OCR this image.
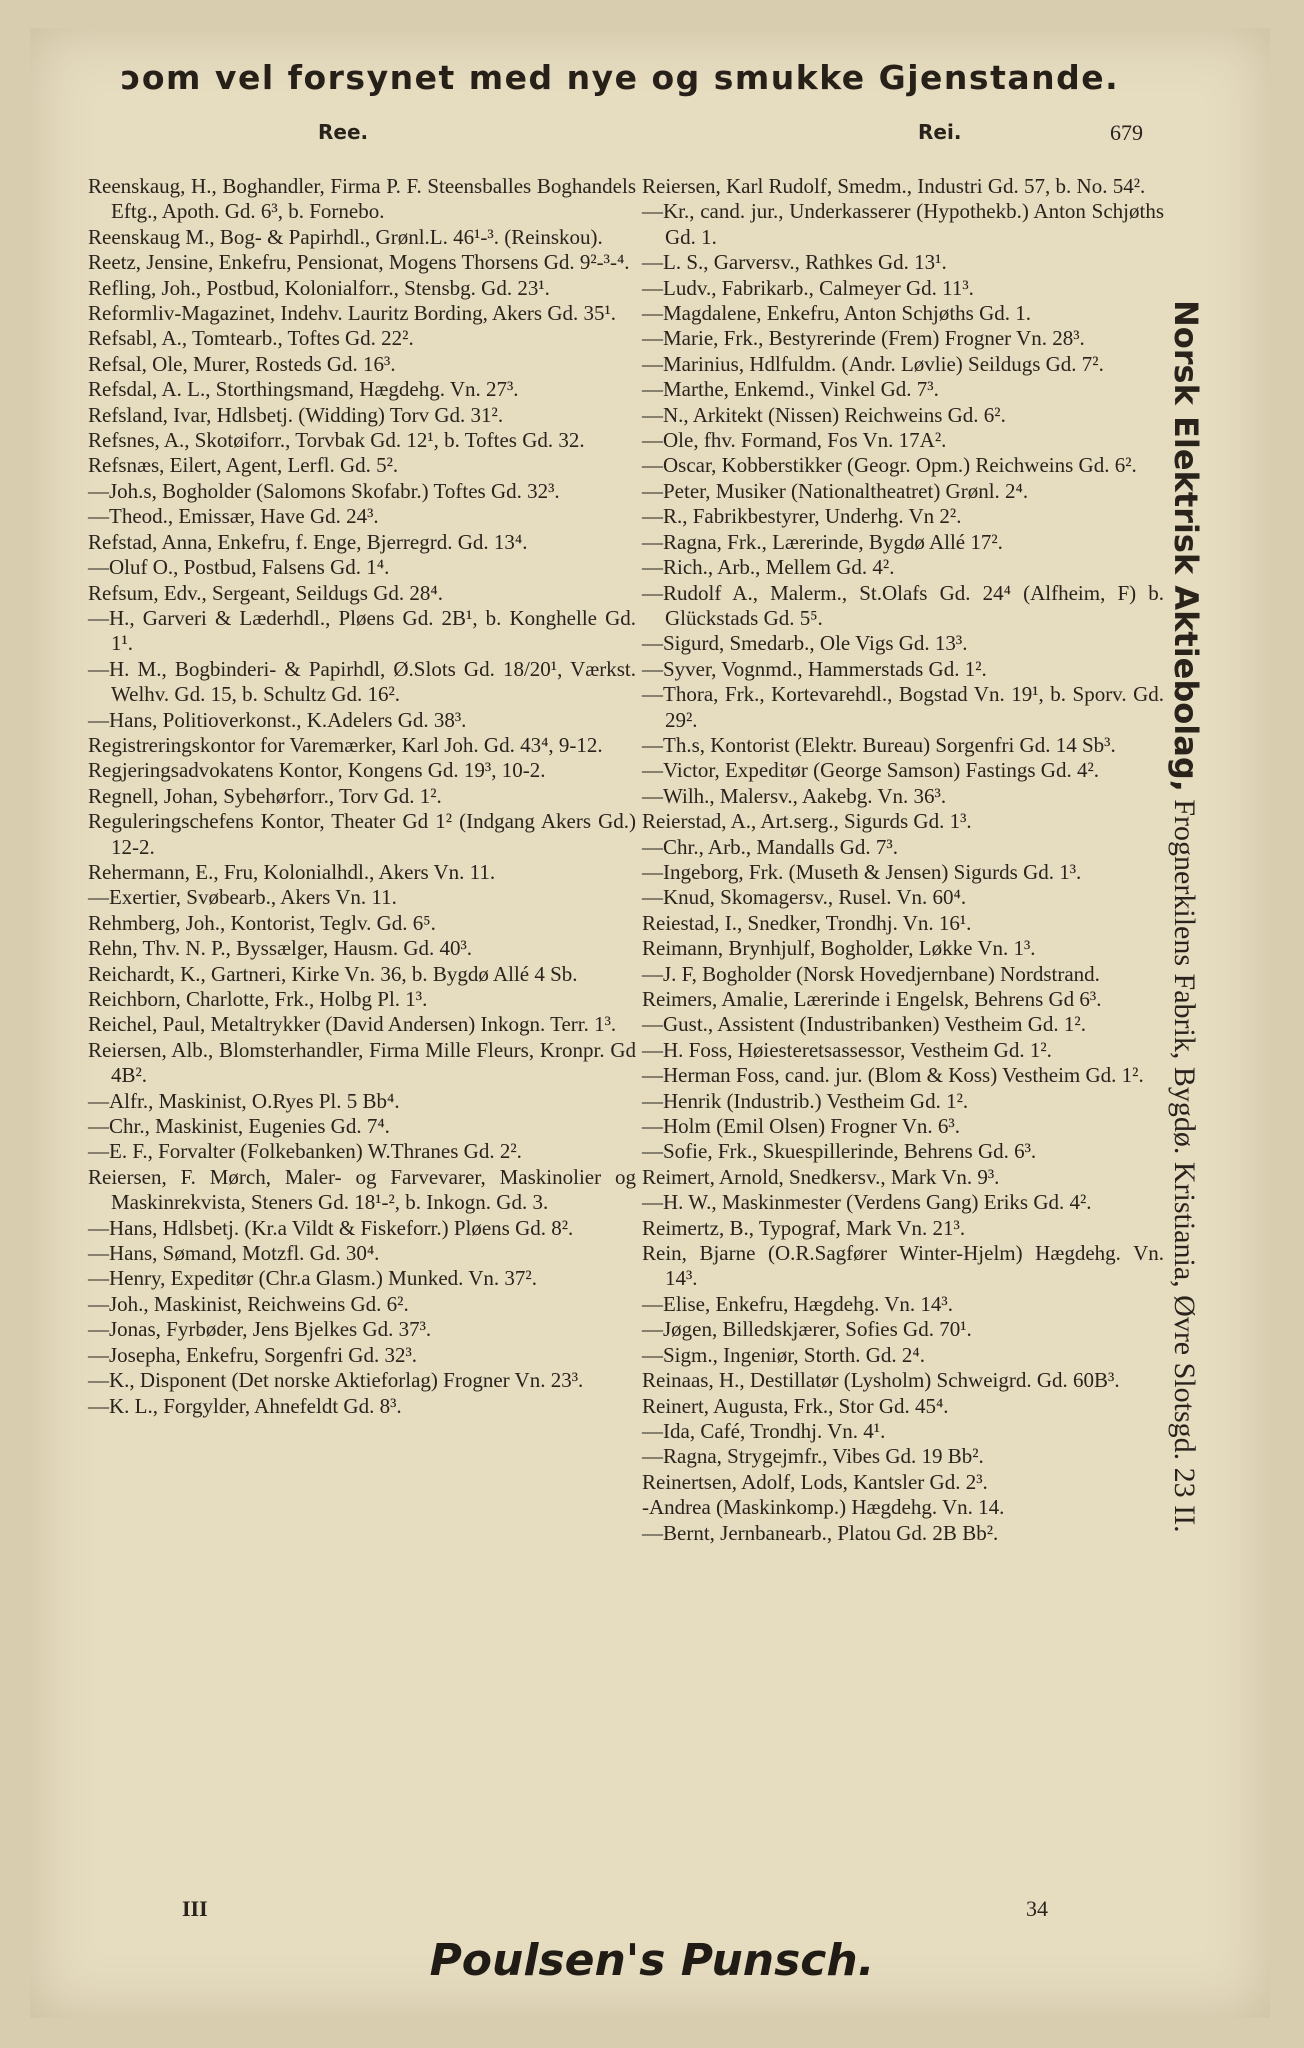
ɔom vel forsynet med nye og smukke Gjenstande.
Ree.	Rei.	679

Reenskaug, H., Boghandler, Firma P. F. Steensballes Boghandels Eftg., Apoth. Gd. 6³, b. Fornebo.

Reenskaug M., Bog- & Papirhdl., Grønl.L. 46¹-³. (Reinskou).

Reetz, Jensine, Enkefru, Pensionat, Mogens Thorsens Gd. 9²-³-⁴.

Refling, Joh., Postbud, Kolonialforr., Stensbg. Gd. 23¹.

Reformliv-Magazinet, Indehv. Lauritz Bording, Akers Gd. 35¹.

Refsabl, A., Tomtearb., Toftes Gd. 22².

Refsal, Ole, Murer, Rosteds Gd. 16³.

Refsdal, A. L., Storthingsmand, Hægdehg. Vn. 27³.

Refsland, Ivar, Hdlsbetj. (Widding) Torv Gd. 31².

Refsnes, A., Skotøiforr., Torvbak Gd. 12¹, b. Toftes Gd. 32.

Refsnæs, Eilert, Agent, Lerfl. Gd. 5².

—Joh.s, Bogholder (Salomons Skofabr.) Toftes Gd. 32³.

—Theod., Emissær, Have Gd. 24³.

Refstad, Anna, Enkefru, f. Enge, Bjerregrd. Gd. 13⁴.

—Oluf O., Postbud, Falsens Gd. 1⁴.

Refsum, Edv., Sergeant, Seildugs Gd. 28⁴.

—H., Garveri & Læderhdl., Pløens Gd. 2B¹, b. Konghelle Gd. 1¹.

—H. M., Bogbinderi- & Papirhdl, Ø.Slots Gd. 18/20¹, Værkst. Welhv. Gd. 15, b. Schultz Gd. 16².

—Hans, Politioverkonst., K.Adelers Gd. 38³.

Registreringskontor for Varemærker, Karl Joh. Gd. 43⁴, 9-12.

Regjeringsadvokatens Kontor, Kongens Gd. 19³, 10-2.

Regnell, Johan, Sybehørforr., Torv Gd. 1².

Reguleringschefens Kontor, Theater Gd 1² (Indgang Akers Gd.) 12-2.

Rehermann, E., Fru, Kolonialhdl., Akers Vn. 11.

—Exertier, Svøbearb., Akers Vn. 11.

Rehmberg, Joh., Kontorist, Teglv. Gd. 6⁵.

Rehn, Thv. N. P., Byssælger, Hausm. Gd. 40³.

Reichardt, K., Gartneri, Kirke Vn. 36, b. Bygdø Allé 4 Sb.

Reichborn, Charlotte, Frk., Holbg Pl. 1³.

Reichel, Paul, Metaltrykker (David Andersen) Inkogn. Terr. 1³.

Reiersen, Alb., Blomsterhandler, Firma Mille Fleurs, Kronpr. Gd 4B².

—Alfr., Maskinist, O.Ryes Pl. 5 Bb⁴.

—Chr., Maskinist, Eugenies Gd. 7⁴.

—E. F., Forvalter (Folkebanken) W.Thranes Gd. 2².

Reiersen, F. Mørch, Maler- og Farvevarer, Maskinolier og Maskinrekvista, Steners Gd. 18¹-², b. Inkogn. Gd. 3.

—Hans, Hdlsbetj. (Kr.a Vildt & Fiskeforr.) Pløens Gd. 8².

—Hans, Sømand, Motzfl. Gd. 30⁴.

—Henry, Expeditør (Chr.a Glasm.) Munked. Vn. 37².

—Joh., Maskinist, Reichweins Gd. 6².

—Jonas, Fyrbøder, Jens Bjelkes Gd. 37³.

—Josepha, Enkefru, Sorgenfri Gd. 32³.

—K., Disponent (Det norske Aktieforlag) Frogner Vn. 23³.

—K. L., Forgylder, Ahnefeldt Gd. 8³.

Reiersen, Karl Rudolf, Smedm., Industri Gd. 57, b. No. 54².

—Kr., cand. jur., Underkasserer (Hypothekb.) Anton Schjøths Gd. 1.

—L. S., Garversv., Rathkes Gd. 13¹.

—Ludv., Fabrikarb., Calmeyer Gd. 11³.

—Magdalene, Enkefru, Anton Schjøths Gd. 1.

—Marie, Frk., Bestyrerinde (Frem) Frogner Vn. 28³.

—Marinius, Hdlfuldm. (Andr. Løvlie) Seildugs Gd. 7².

—Marthe, Enkemd., Vinkel Gd. 7³.

—N., Arkitekt (Nissen) Reichweins Gd. 6².

—Ole, fhv. Formand, Fos Vn. 17A².

—Oscar, Kobberstikker (Geogr. Opm.) Reichweins Gd. 6².

—Peter, Musiker (Nationaltheatret) Grønl. 2⁴.

—R., Fabrikbestyrer, Underhg. Vn 2².

—Ragna, Frk., Lærerinde, Bygdø Allé 17².

—Rich., Arb., Mellem Gd. 4².

—Rudolf A., Malerm., St.Olafs Gd. 24⁴ (Alfheim, F) b. Glückstads Gd. 5⁵.

—Sigurd, Smedarb., Ole Vigs Gd. 13³.

—Syver, Vognmd., Hammerstads Gd. 1².

—Thora, Frk., Kortevarehdl., Bogstad Vn. 19¹, b. Sporv. Gd. 29².

—Th.s, Kontorist (Elektr. Bureau) Sorgenfri Gd. 14 Sb³.

—Victor, Expeditør (George Samson) Fastings Gd. 4².

—Wilh., Malersv., Aakebg. Vn. 36³.

Reierstad, A., Art.serg., Sigurds Gd. 1³.

—Chr., Arb., Mandalls Gd. 7³.

—Ingeborg, Frk. (Museth & Jensen) Sigurds Gd. 1³.

—Knud, Skomagersv., Rusel. Vn. 60⁴.

Reiestad, I., Snedker, Trondhj. Vn. 16¹.

Reimann, Brynhjulf, Bogholder, Løkke Vn. 1³.

—J. F, Bogholder (Norsk Hovedjernbane) Nordstrand.

Reimers, Amalie, Lærerinde i Engelsk, Behrens Gd 6³.

—Gust., Assistent (Industribanken) Vestheim Gd. 1².

—H. Foss, Høiesteretsassessor, Vestheim Gd. 1².

—Herman Foss, cand. jur. (Blom & Koss) Vestheim Gd. 1².

—Henrik (Industrib.) Vestheim Gd. 1².

—Holm (Emil Olsen) Frogner Vn. 6³.

—Sofie, Frk., Skuespillerinde, Behrens Gd. 6³.

Reimert, Arnold, Snedkersv., Mark Vn. 9³.

—H. W., Maskinmester (Verdens Gang) Eriks Gd. 4².

Reimertz, B., Typograf, Mark Vn. 21³.

Rein, Bjarne (O.R.Sagfører Winter-Hjelm) Hægdehg. Vn. 14³.

—Elise, Enkefru, Hægdehg. Vn. 14³.

—Jøgen, Billedskjærer, Sofies Gd. 70¹.

—Sigm., Ingeniør, Storth. Gd. 2⁴.

Reinaas, H., Destillatør (Lysholm) Schweigrd. Gd. 60B³.

Reinert, Augusta, Frk., Stor Gd. 45⁴.

—Ida, Café, Trondhj. Vn. 4¹.

—Ragna, Strygejmfr., Vibes Gd. 19 Bb².

Reinertsen, Adolf, Lods, Kantsler Gd. 2³.

-Andrea (Maskinkomp.) Hægdehg. Vn. 14.

—Bernt, Jernbanearb., Platou Gd. 2B Bb².

Norsk Elektrisk Aktiebolag, Frognerkilens Fabrik, Bygdø. Kristiania, Øvre Slotsgd. 23 II.
III	34
Poulsen's Punsch.
